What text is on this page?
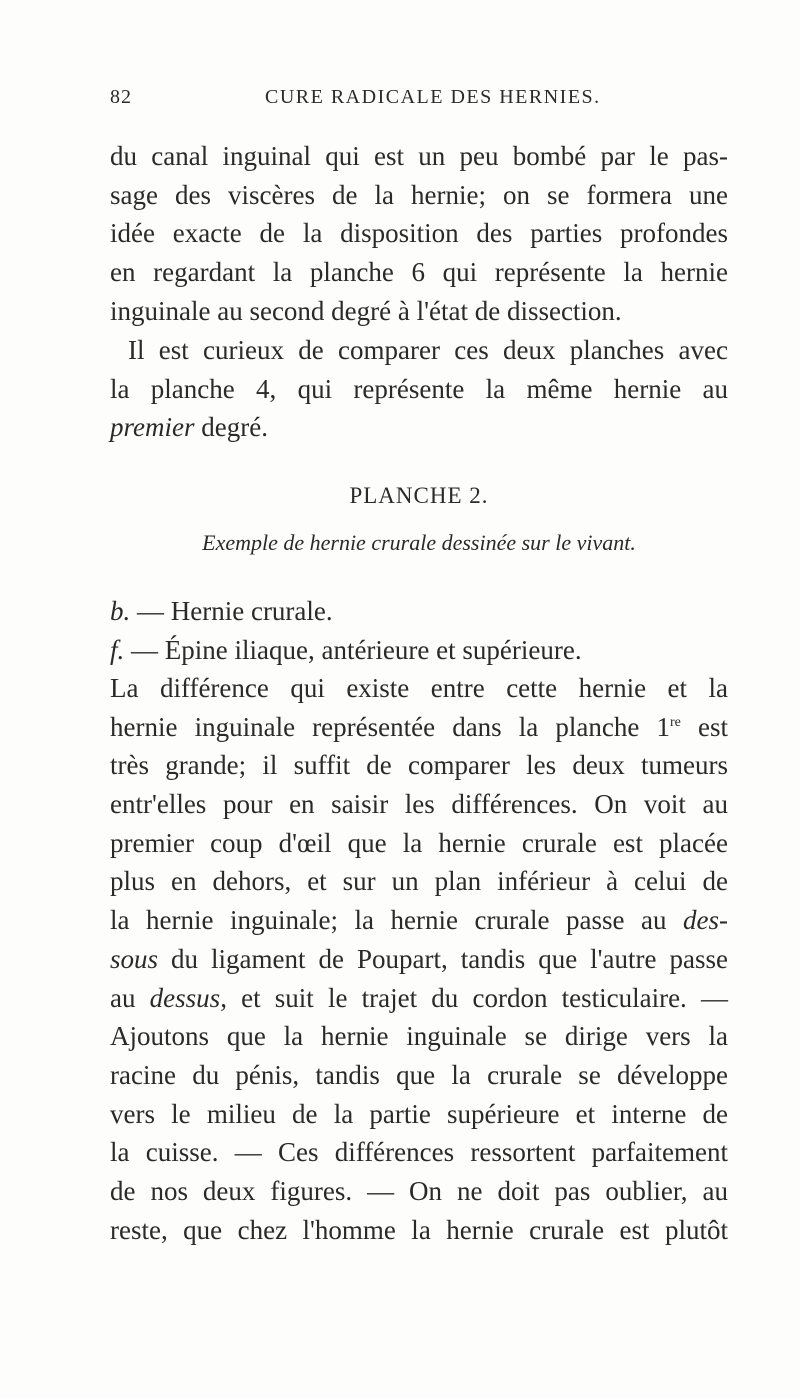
82	CURE RADICALE DES HERNIES.
du canal inguinal qui est un peu bombé par le pas-
sage des viscères de la hernie; on se formera une
idée exacte de la disposition des parties profondes
en regardant la planche 6 qui représente la hernie
inguinale au second degré à l'état de dissection.
Il est curieux de comparer ces deux planches avec
la planche 4, qui représente la même hernie au
premier degré.
PLANCHE 2.
Exemple de hernie crurale dessinée sur le vivant.
b. — Hernie crurale.
f. — Épine iliaque, antérieure et supérieure.
La différence qui existe entre cette hernie et la
hernie inguinale représentée dans la planche 1re est
très grande; il suffit de comparer les deux tumeurs
entr'elles pour en saisir les différences. On voit au
premier coup d'œil que la hernie crurale est placée
plus en dehors, et sur un plan inférieur à celui de
la hernie inguinale; la hernie crurale passe au des-
sous du ligament de Poupart, tandis que l'autre passe
au dessus, et suit le trajet du cordon testiculaire. —
Ajoutons que la hernie inguinale se dirige vers la
racine du pénis, tandis que la crurale se développe
vers le milieu de la partie supérieure et interne de
la cuisse. — Ces différences ressortent parfaitement
de nos deux figures. — On ne doit pas oublier, au
reste, que chez l'homme la hernie crurale est plutôt
